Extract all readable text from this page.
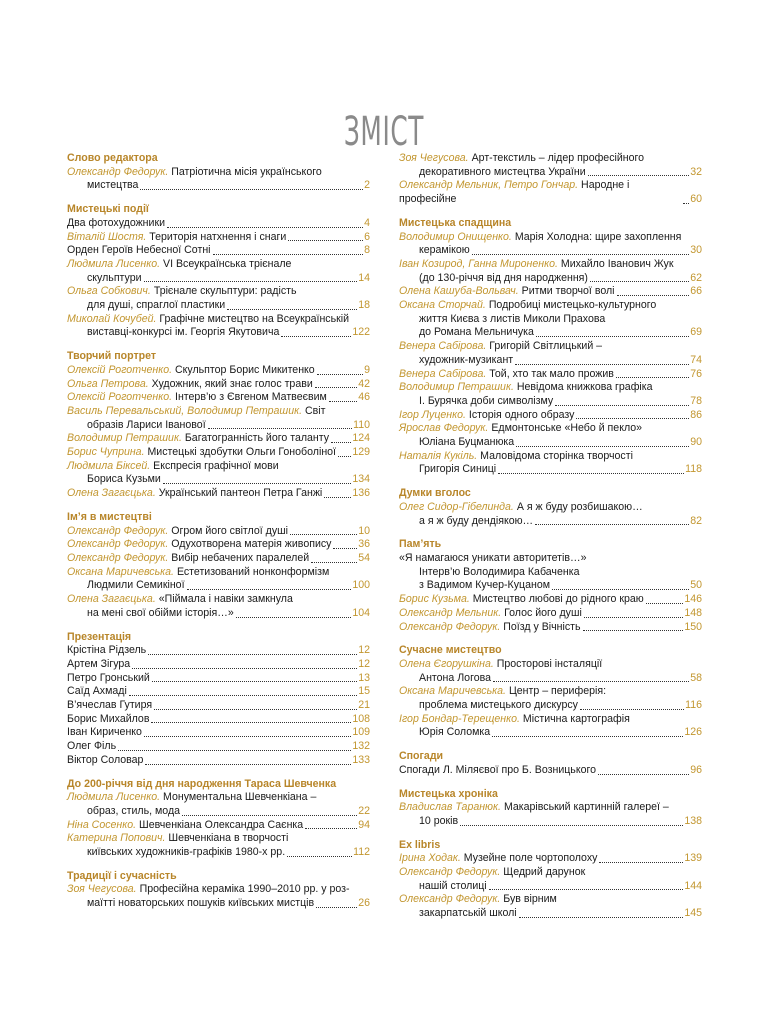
ЗМІСТ
Слово редактора
Олександр Федорук. Патріотична місія українського
мистецтва	2
Мистецькі події
Два фотохудожники	4
Віталій Шостя. Територія натхнення і снаги	6
Орден Героїв Небесної Сотні	8
Людмила Лисенко. VI Всеукраїнська трієнале
скульптури	14
Ольга Собкович. Трієнале скульптури: радість
для душі, спраглої пластики	18
Миколай Кочубей. Графічне мистецтво на Всеукраїнській
виставці-конкурсі ім. Георгія Якутовича	122
Творчий портрет
Олексій Роготченко. Скульптор Борис Микитенко	9
Ольга Петрова. Художник, який знає голос трави	42
Олексій Роготченко. Інтерв’ю з Євгеном Матвеєвим	46
Василь Перевальський, Володимир Петрашик. Світ
образів Лариси Іванової	110
Володимир Петрашик. Багатогранність його таланту 124
Борис Чуприна. Мистецькі здобутки Ольги Гоноболіної 129
Людмила Біксей. Експресія графічної мови
Бориса Кузьми	134
Олена Загаєцька. Український пантеон Петра Ганжі	136
Ім’я в мистецтві
Олександр Федорук. Огром його світлої душі	10
Олександр Федорук. Одухотворена матерія живопису	36
Олександр Федорук. Вибір небачених паралелей	54
Оксана Маричевська. Естетизований нонконформізм
Людмили Семикіної	100
Олена Загаєцька. «Піймала і навіки замкнула
на мені свої обійми історія…»	104
Презентація
Крістіна Рідзель	12
Артем Зігура	12
Петро Гронський	13
Саїд Ахмаді	15
В’ячеслав Гутиря	21
Борис Михайлов	108
Іван Кириченко	109
Олег Філь	132
Віктор Соловар	133
До 200-річчя від дня народження Тараса Шевченка
Людмила Лисенко. Монументальна Шевченкіана –
образ, стиль, мода	22
Ніна Сосенко. Шевченкіана Олександра Саєнка	94
Катерина Попович. Шевченкіана в творчості
київських художників-графіків 1980-х рр.	112
Традиції і сучасність
Зоя Чегусова. Професійна кераміка 1990–2010 рр. у роз-
маїтті новаторських пошуків київських мистців	26
Зоя Чегусова. Арт-текстиль – лідер професійного
декоративного мистецтва України	32
Олександр Мельник, Петро Гончар. Народне і професійне	60
Мистецька спадщина
Володимир Онищенко. Марія Холодна: щире захоплення
керамікою	30
Іван Козирод, Ганна Мироненко. Михайло Іванович Жук
(до 130-річчя від дня народження)	62
Олена Кашуба-Вольвач. Ритми творчої волі	66
Оксана Сторчай. Подробиці мистецько-культурного
життя Києва з листів Миколи Прахова
до Романа Мельничука	69
Венера Сабірова. Григорій Світлицький –
художник-музикант	74
Венера Сабірова. Той, хто так мало прожив	76
Володимир Петрашик. Невідома книжкова графіка
І. Бурячка доби символізму	78
Ігор Луценко. Історія одного образу	86
Ярослав Федорук. Едмонтонське «Небо й пекло»
Юліана Буцманюка	90
Наталія Кукіль. Маловідома сторінка творчості
Григорія Синиці	118
Думки вголос
Олег Сидор-Гібелинда. А я ж буду розбишакою…
а я ж буду дендіякою…	82
Пам’ять
«Я намагаюся уникати авторитетів…»
Інтерв’ю Володимира Кабаченка
з Вадимом Кучер-Куцаном	50
Борис Кузьма. Мистецтво любові до рідного краю	146
Олександр Мельник. Голос його душі	148
Олександр Федорук. Поїзд у Вічність	150
Сучасне мистецтво
Олена Єгорушкіна. Просторові інсталяції
Антона Логова	58
Оксана Маричевська. Центр – периферія:
проблема мистецького дискурсу	116
Ігор Бондар-Терещенко. Містична картографія
Юрія Соломка	126
Спогади
Спогади Л. Міляєвої про Б. Возницького	96
Мистецька хроніка
Владислав Таранюк. Макарівський картинній галереї –
10 років	138
Ex libris
Ірина Ходак. Музейне поле чортополоху	139
Олександр Федорук. Щедрий дарунок
нашій столиці	144
Олександр Федорук. Був вірним
закарпатській школі	145
